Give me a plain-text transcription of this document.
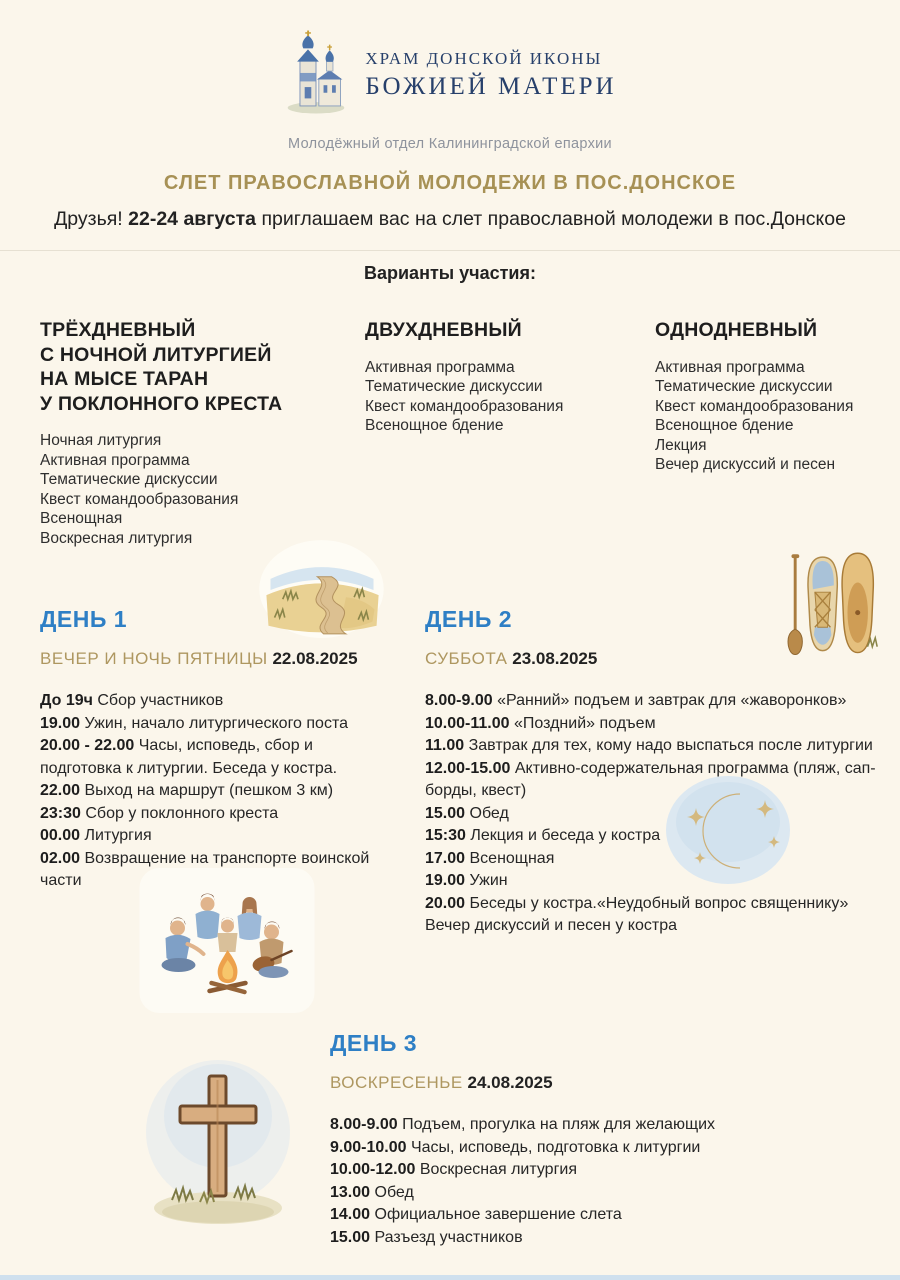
ХРАМ ДОНСКОЙ ИКОНЫ
БОЖИЕЙ МАТЕРИ
Молодёжный отдел Калининградской епархии
СЛЕТ ПРАВОСЛАВНОЙ МОЛОДЕЖИ В ПОС.ДОНСКОЕ

Друзья! 22-24 августа приглашаем вас на слет православной молодежи в пос.Донское

Варианты участия:
ТРЁХДНЕВНЫЙ
С НОЧНОЙ ЛИТУРГИЕЙ
НА МЫСЕ ТАРАН
У ПОКЛОННОГО КРЕСТА
Ночная литургия
Активная программа
Тематические дискуссии
Квест командообразования
Всенощная
Воскресная литургия
ДВУХДНЕВНЫЙ
Активная программа
Тематические дискуссии
Квест командообразования
Всенощное бдение
ОДНОДНЕВНЫЙ
Активная программа
Тематические дискуссии
Квест командообразования
Всенощное бдение
Лекция
Вечер дискуссий и песен
ДЕНЬ 1

ВЕЧЕР И НОЧЬ ПЯТНИЦЫ 22.08.2025

До 19ч Сбор участников

19.00 Ужин, начало литургического поста

20.00 - 22.00 Часы, исповедь, сбор и подготовка к литургии. Беседа у костра.

22.00 Выход на маршрут (пешком 3 км)

23:30 Сбор у поклонного креста

00.00 Литургия

02.00 Возвращение на транспорте воинской части

ДЕНЬ 2

СУББОТА 23.08.2025

8.00-9.00 «Ранний» подъем и завтрак для «жаворонков»

10.00-11.00 «Поздний» подъем

11.00 Завтрак для тех, кому надо выспаться после литургии

12.00-15.00 Активно-содержательная программа (пляж, сап-борды, квест)

15.00 Обед

15:30 Лекция и беседа у костра

17.00 Всенощная

19.00 Ужин

20.00 Беседы у костра.«Неудобный вопрос священнику»

Вечер дискуссий и песен у костра

ДЕНЬ 3

ВОСКРЕСЕНЬЕ 24.08.2025

8.00-9.00 Подъем, прогулка на пляж для желающих

9.00-10.00 Часы, исповедь, подготовка к литургии

10.00-12.00 Воскресная литургия

13.00 Обед

14.00 Официальное завершение слета

15.00 Разъезд участников
